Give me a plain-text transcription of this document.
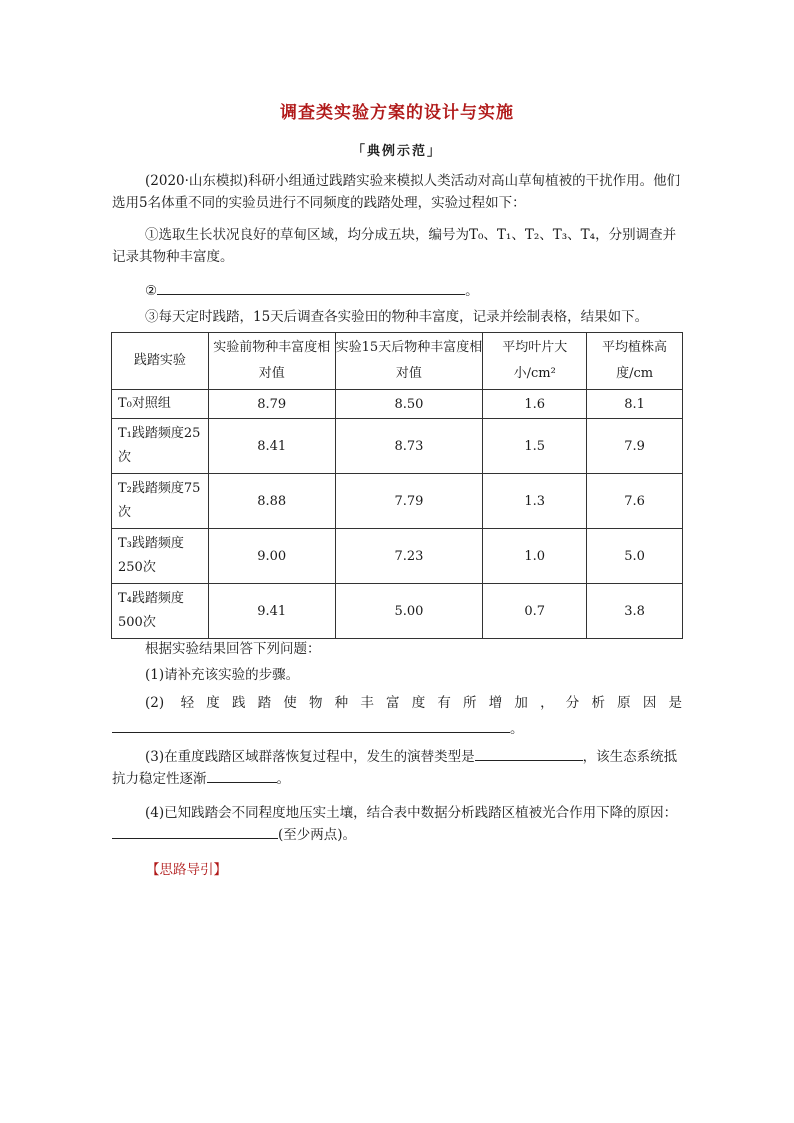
调查类实验方案的设计与实施
「典例示范」
(2020·山东模拟)科研小组通过践踏实验来模拟人类活动对高山草甸植被的干扰作用。他们选用5名体重不同的实验员进行不同频度的践踏处理，实验过程如下：
①选取生长状况良好的草甸区域，均分成五块，编号为T₀、T₁、T₂、T₃、T₄，分别调查并记录其物种丰富度。
②	。
③每天定时践踏，15天后调查各实验田的物种丰富度，记录并绘制表格，结果如下。
践踏实验	实验前物种丰富度相对值	实验15天后物种丰富度相对值	平均叶片大小/cm²	平均植株高度/cm
T₀对照组	8.79	8.50	1.6	8.1
T₁践踏频度25次	8.41	8.73	1.5	7.9
T₂践踏频度75次	8.88	7.79	1.3	7.6
T₃践踏频度250次	9.00	7.23	1.0	5.0
T₄践踏频度500次	9.41	5.00	0.7	3.8
根据实验结果回答下列问题：
(1)请补充该实验的步骤。
(2) 轻度践踏使物种丰富度有所增加，分析原因是
。
(3)在重度践踏区域群落恢复过程中，发生的演替类型是	，该生态系统抵抗力稳定性逐渐	。
(4)已知践踏会不同程度地压实土壤，结合表中数据分析践踏区植被光合作用下降的原因：(至少两点)。
【思路导引】
